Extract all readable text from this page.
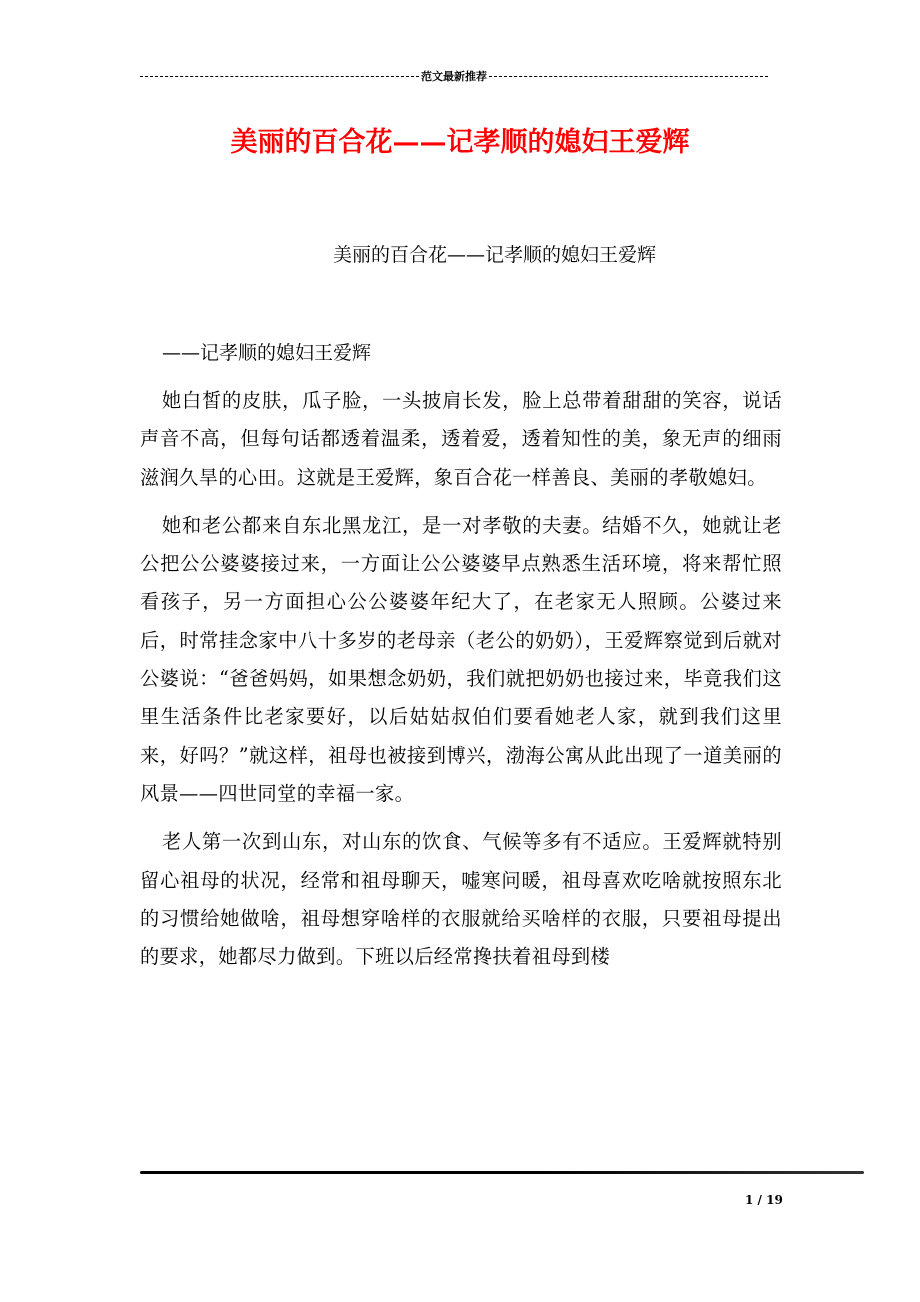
范文最新推荐
美丽的百合花——记孝顺的媳妇王爱辉
美丽的百合花——记孝顺的媳妇王爱辉
——记孝顺的媳妇王爱辉

她白皙的皮肤，瓜子脸，一头披肩长发，脸上总带着甜甜的笑容，说话声音不高，但每句话都透着温柔，透着爱，透着知性的美，象无声的细雨滋润久旱的心田。这就是王爱辉，象百合花一样善良、美丽的孝敬媳妇。

她和老公都来自东北黑龙江，是一对孝敬的夫妻。结婚不久，她就让老公把公公婆婆接过来，一方面让公公婆婆早点熟悉生活环境，将来帮忙照看孩子，另一方面担心公公婆婆年纪大了，在老家无人照顾。公婆过来后，时常挂念家中八十多岁的老母亲（老公的奶奶），王爱辉察觉到后就对公婆说：“爸爸妈妈，如果想念奶奶，我们就把奶奶也接过来，毕竟我们这里生活条件比老家要好，以后姑姑叔伯们要看她老人家，就到我们这里来，好吗？”就这样，祖母也被接到博兴，渤海公寓从此出现了一道美丽的风景——四世同堂的幸福一家。

老人第一次到山东，对山东的饮食、气候等多有不适应。王爱辉就特别留心祖母的状况，经常和祖母聊天，嘘寒问暖，祖母喜欢吃啥就按照东北的习惯给她做啥，祖母想穿啥样的衣服就给买啥样的衣服，只要祖母提出的要求，她都尽力做到。下班以后经常搀扶着祖母到楼

1 / 19
